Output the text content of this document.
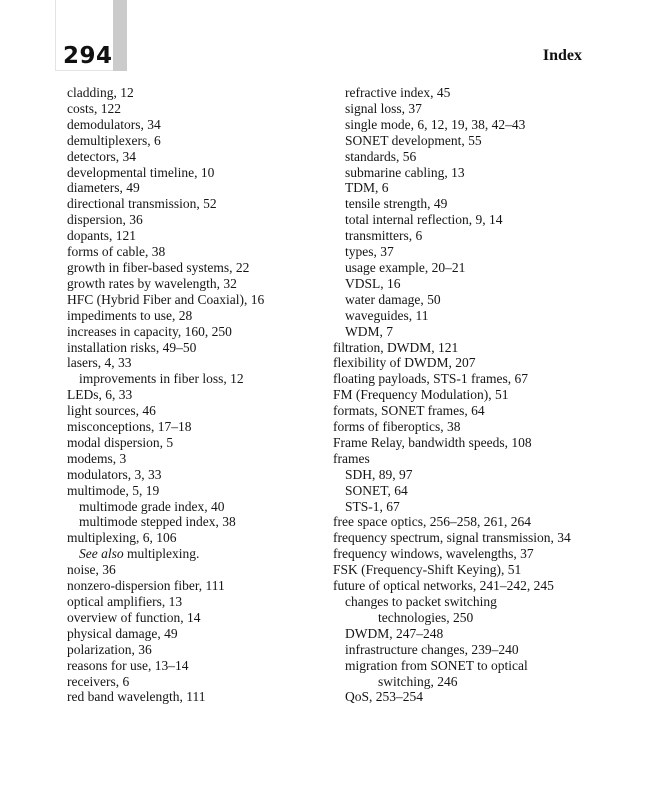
294	Index
cladding, 12
costs, 122
demodulators, 34
demultiplexers, 6
detectors, 34
developmental timeline, 10
diameters, 49
directional transmission, 52
dispersion, 36
dopants, 121
forms of cable, 38
growth in fiber-based systems, 22
growth rates by wavelength, 32
HFC (Hybrid Fiber and Coaxial), 16
impediments to use, 28
increases in capacity, 160, 250
installation risks, 49–50
lasers, 4, 33
improvements in fiber loss, 12
LEDs, 6, 33
light sources, 46
misconceptions, 17–18
modal dispersion, 5
modems, 3
modulators, 3, 33
multimode, 5, 19
multimode grade index, 40
multimode stepped index, 38
multiplexing, 6, 106
See also multiplexing.
noise, 36
nonzero-dispersion fiber, 111
optical amplifiers, 13
overview of function, 14
physical damage, 49
polarization, 36
reasons for use, 13–14
receivers, 6
red band wavelength, 111
refractive index, 45
signal loss, 37
single mode, 6, 12, 19, 38, 42–43
SONET development, 55
standards, 56
submarine cabling, 13
TDM, 6
tensile strength, 49
total internal reflection, 9, 14
transmitters, 6
types, 37
usage example, 20–21
VDSL, 16
water damage, 50
waveguides, 11
WDM, 7
filtration, DWDM, 121
flexibility of DWDM, 207
floating payloads, STS-1 frames, 67
FM (Frequency Modulation), 51
formats, SONET frames, 64
forms of fiberoptics, 38
Frame Relay, bandwidth speeds, 108
frames
SDH, 89, 97
SONET, 64
STS-1, 67
free space optics, 256–258, 261, 264
frequency spectrum, signal transmission, 34
frequency windows, wavelengths, 37
FSK (Frequency-Shift Keying), 51
future of optical networks, 241–242, 245
changes to packet switching
technologies, 250
DWDM, 247–248
infrastructure changes, 239–240
migration from SONET to optical
switching, 246
QoS, 253–254
